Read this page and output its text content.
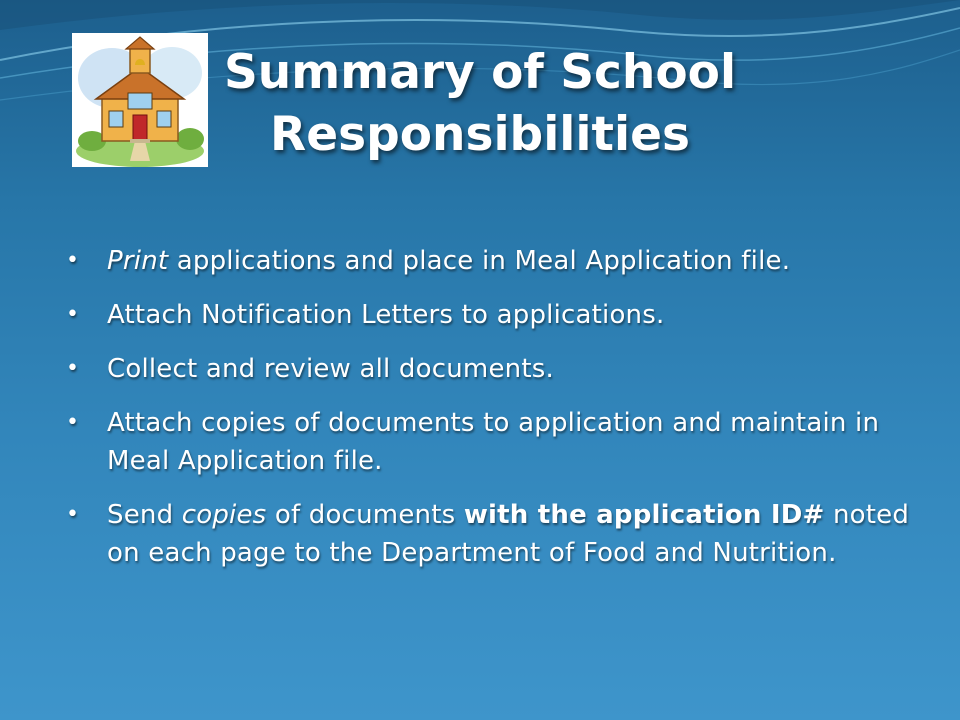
Summary of School
Responsibilities
• Print applications and place in Meal Application file.
• Attach Notification Letters to applications.
• Collect and review all documents.
• Attach copies of documents to application and maintain in Meal Application file.
• Send copies of documents with the application ID# noted on each page to the Department of Food and Nutrition.
